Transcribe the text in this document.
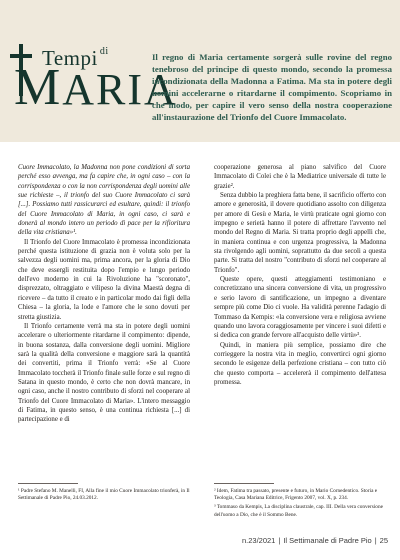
Tempi $^{di}$
MARIA
Il regno di Maria certamente sorgerà sulle rovine del regno tenebroso del principe di questo mondo, secondo la promessa incondizionata della Madonna a Fatima. Ma sta in potere degli uomini accelerarne o ritardarne il compimento. Scopriamo in che modo, per capire il vero senso della nostra cooperazione all'instaurazione del Trionfo del Cuore Immacolato.

Cuore Immacolato, la Madonna non pone condizioni di sorta perché esso avvenga, ma fa capire che, in ogni caso – con la corrispondenza o con la non corrispondenza degli uomini alle sue richieste –, il trionfo del suo Cuore Immacolato ci sarà [...]. Possiamo tutti rassicurarci ed esultare, quindi: il trionfo del Cuore Immacolato di Maria, in ogni caso, ci sarà e donerà al mondo intero un periodo di pace per la rifioritura della vita cristiana»¹.

Il Trionfo del Cuore Immacolato è promessa incondizionata perché questa istituzione di grazia non è voluta solo per la salvezza degli uomini ma, prima ancora, per la gloria di Dio che deve essergli restituita dopo l'empio e lungo periodo dell'evo moderno in cui la Rivoluzione ha "scoronato", disprezzato, oltraggiato e vilipeso la divina Maestà degna di ricevere – da tutto il creato e in particolar modo dai figli della Chiesa – la gloria, la lode e l'amore che le sono dovuti per stretta giustizia.

Il Trionfo certamente verrà ma sta in potere degli uomini accelerare o ulteriormente ritardarne il compimento: dipende, in buona sostanza, dalla conversione degli uomini. Migliore sarà la qualità della conversione e maggiore sarà la quantità dei convertiti, prima il Trionfo verrà: «Se al Cuore Immacolato toccherà il Trionfo finale sulle forze e sul regno di Satana in questo mondo, è certo che non dovrà mancare, in ogni caso, anche il nostro contributo di sforzi nel cooperare al Trionfo del Cuore Immacolato di Maria». L'intero messaggio di Fatima, in questo senso, è una continua richiesta [...] di partecipazione e di

cooperazione generosa al piano salvifico del Cuore Immacolato di Colei che è la Mediatrice universale di tutte le grazie².

Senza dubbio la preghiera fatta bene, il sacrificio offerto con amore e generosità, il dovere quotidiano assolto con diligenza per amore di Gesù e Maria, le virtù praticate ogni giorno con impegno e serietà hanno il potere di affrettare l'avvento nel mondo del Regno di Maria. Si tratta proprio degli appelli che, in maniera continua e con urgenza progressiva, la Madonna sta rivolgendo agli uomini, soprattutto da due secoli a questa parte. Si tratta del nostro "contributo di sforzi nel cooperare al Trionfo".

Queste opere, questi atteggiamenti testimoniano e concretizzano una sincera conversione di vita, un progressivo e serio lavoro di santificazione, un impegno a diventare sempre più come Dio ci vuole. Ha validità perenne l'adagio di Tommaso da Kempis: «la conversione vera e religiosa avviene quando uno lavora coraggiosamente per vincere i suoi difetti e si dedica con grande fervore all'acquisto delle virtù»³.

Quindi, in maniera più semplice, possiamo dire che corrieggere la nostra vita in meglio, convertirci ogni giorno secondo le esigenze della perfezione cristiana – con tutto ciò che questo comporta – accelererà il compimento dell'attesa promessa.

¹ Padre Stefano M. Manelli, FI, Alla fine il mio Cuore Immacolato trionferà, in Il Settimanale di Padre Pio, 24.03.2012.

² Idem, Fatima tra passato, presente e futuro, in Mario Cornedentico. Storia e Teologia, Casa Mariana Editrice, Frigento 2007, vol. X, p. 234.

³ Tommaso da Kempis, La disciplina claustrale, cap. III. Della vera conversione dell'uomo a Dio, che è il Sommo Bene.

n.23/2021 | Il Settimanale di Padre Pio | 25
